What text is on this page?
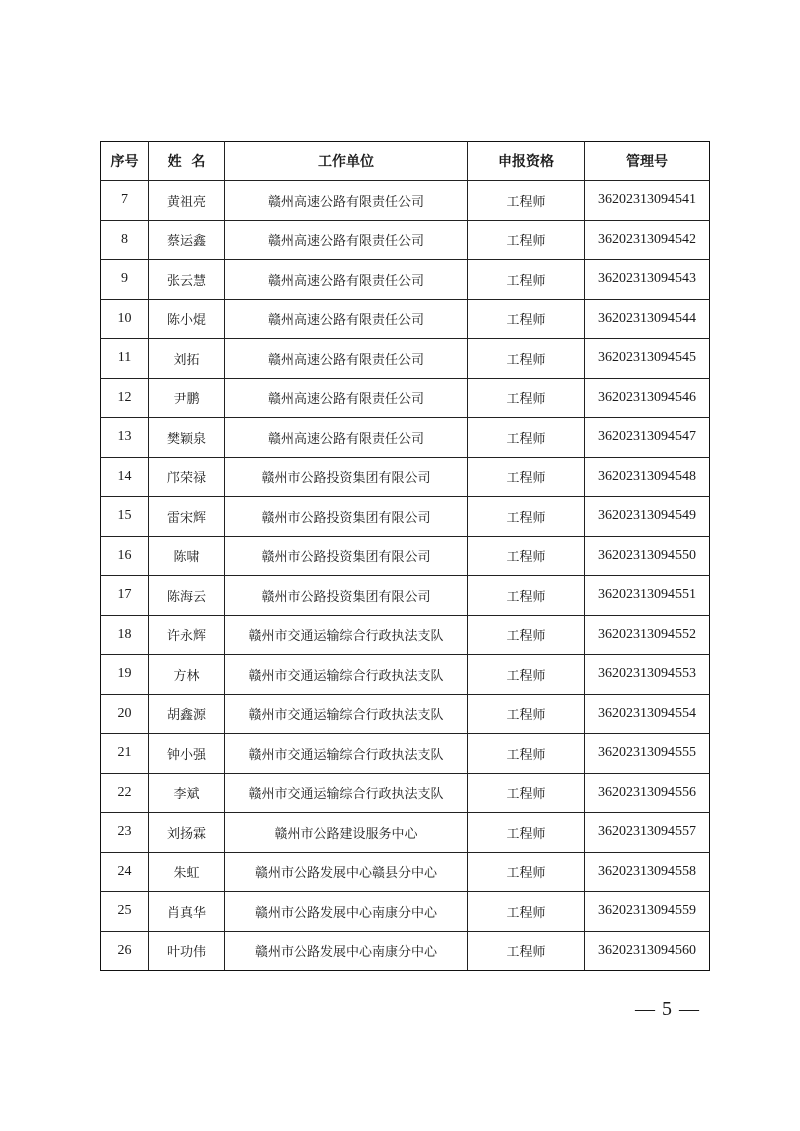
序号	姓  名	工作单位	申报资格	管理号
7	黄祖亮	赣州高速公路有限责任公司	工程师	36202313094541
8	蔡运鑫	赣州高速公路有限责任公司	工程师	36202313094542
9	张云慧	赣州高速公路有限责任公司	工程师	36202313094543
10	陈小焜	赣州高速公路有限责任公司	工程师	36202313094544
11	刘拓	赣州高速公路有限责任公司	工程师	36202313094545
12	尹鹏	赣州高速公路有限责任公司	工程师	36202313094546
13	樊颖泉	赣州高速公路有限责任公司	工程师	36202313094547
14	邝荣禄	赣州市公路投资集团有限公司	工程师	36202313094548
15	雷宋辉	赣州市公路投资集团有限公司	工程师	36202313094549
16	陈啸	赣州市公路投资集团有限公司	工程师	36202313094550
17	陈海云	赣州市公路投资集团有限公司	工程师	36202313094551
18	许永辉	赣州市交通运输综合行政执法支队	工程师	36202313094552
19	方林	赣州市交通运输综合行政执法支队	工程师	36202313094553
20	胡鑫源	赣州市交通运输综合行政执法支队	工程师	36202313094554
21	钟小强	赣州市交通运输综合行政执法支队	工程师	36202313094555
22	李斌	赣州市交通运输综合行政执法支队	工程师	36202313094556
23	刘扬霖	赣州市公路建设服务中心	工程师	36202313094557
24	朱虹	赣州市公路发展中心赣县分中心	工程师	36202313094558
25	肖真华	赣州市公路发展中心南康分中心	工程师	36202313094559
26	叶功伟	赣州市公路发展中心南康分中心	工程师	36202313094560
— 5 —
